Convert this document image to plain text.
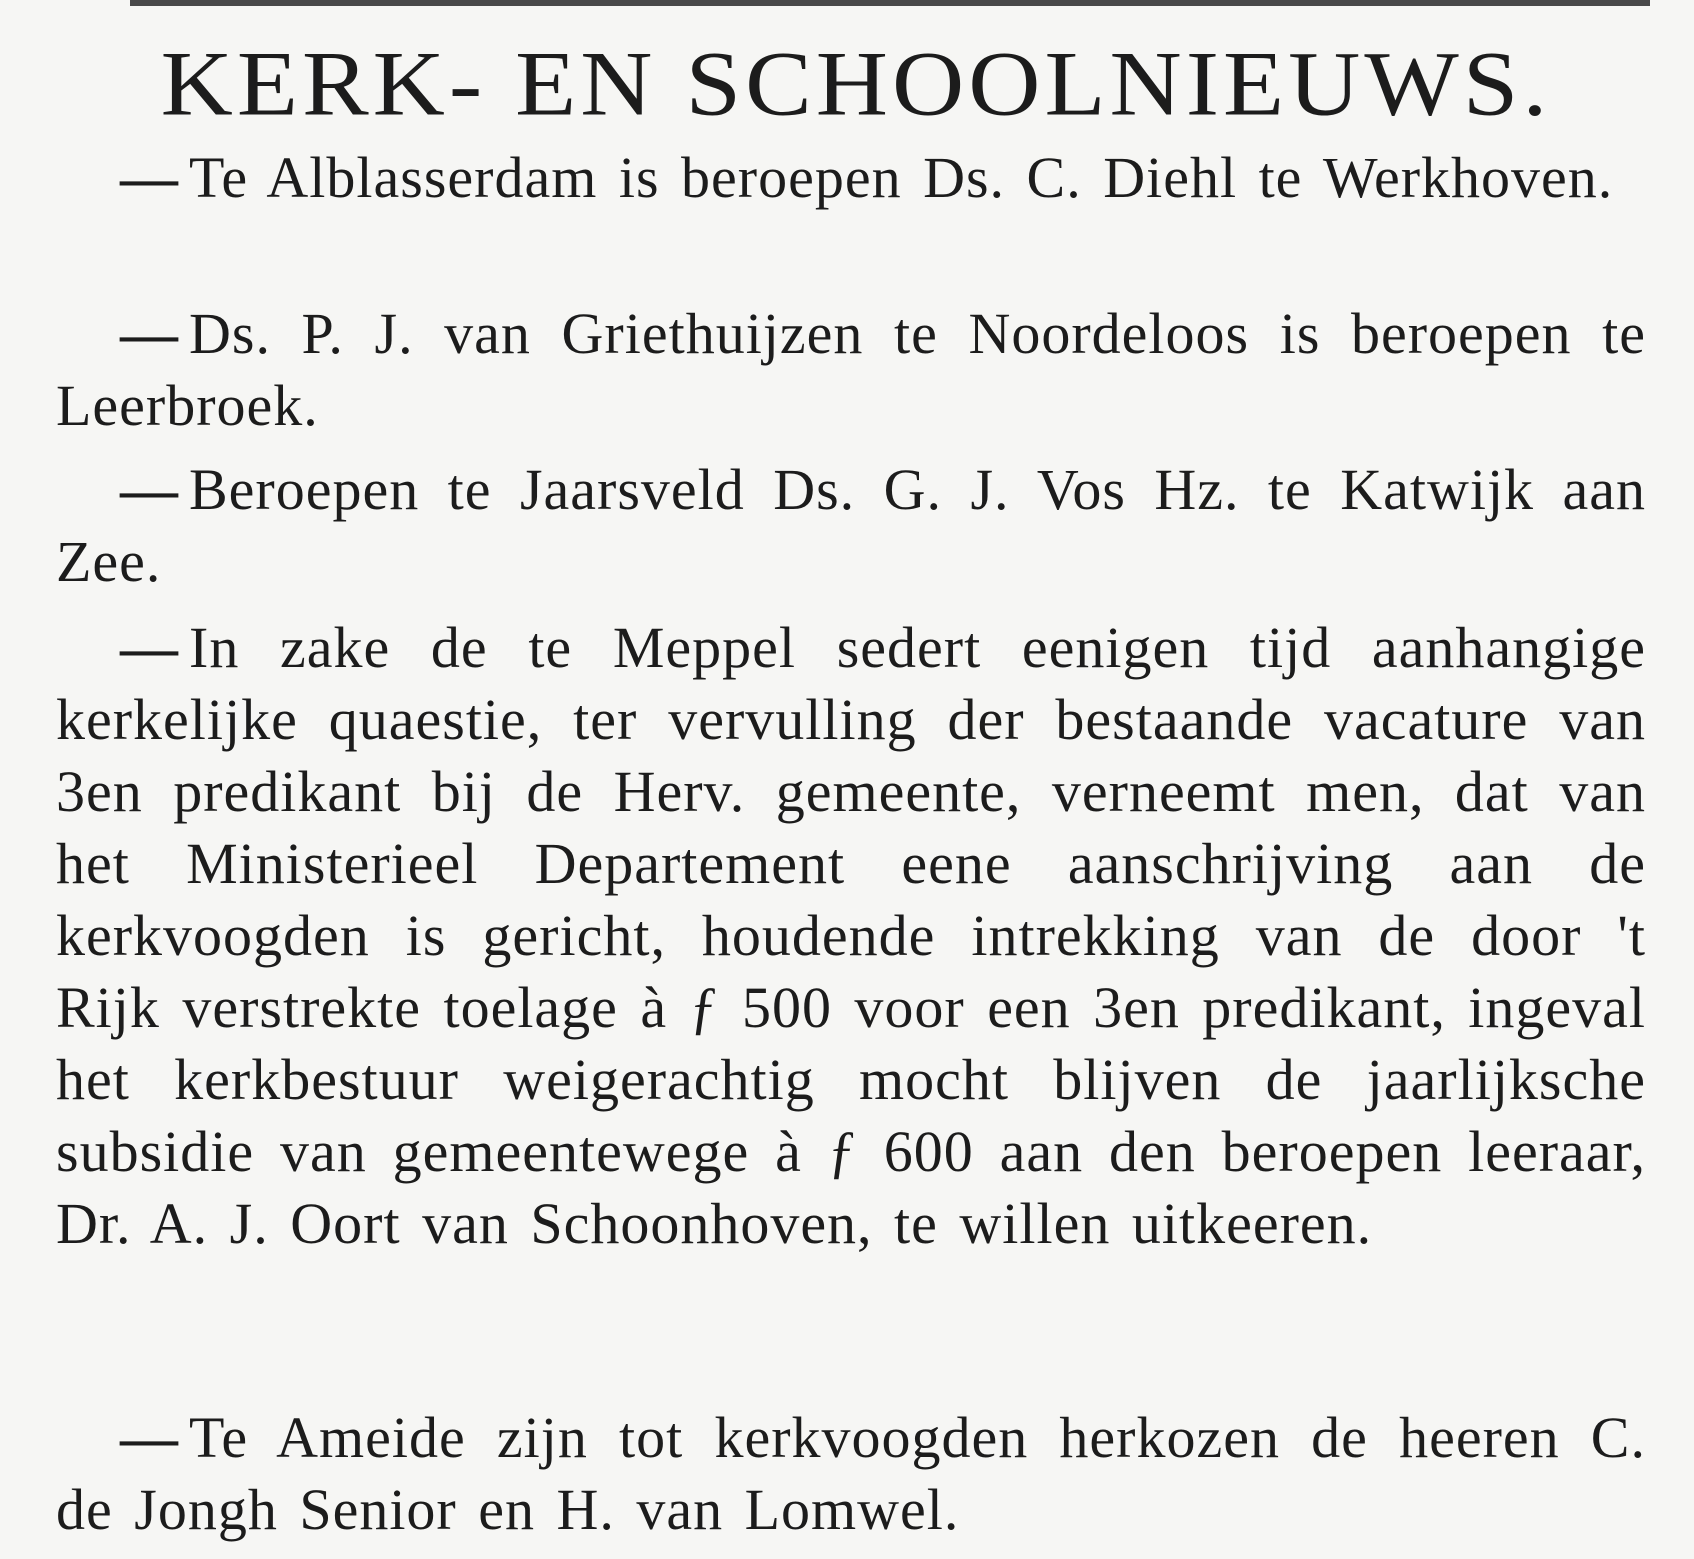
KERK- EN SCHOOLNIEUWS.

— Te Alblasserdam is beroepen Ds. C. Diehl te Werkhoven.

— Ds. P. J. van Griethuijzen te Noordeloos is beroepen te Leerbroek.

— Beroepen te Jaarsveld Ds. G. J. Vos Hz. te Katwijk aan Zee.

— In zake de te Meppel sedert eenigen tijd aanhangige kerkelijke quaestie, ter vervulling der bestaande vacature van 3en predikant bij de Herv. gemeente, verneemt men, dat van het Ministerieel Departement eene aanschrijving aan de kerkvoogden is gericht, houdende intrekking van de door 't Rijk verstrekte toelage à ƒ 500 voor een 3en predikant, ingeval het kerkbestuur weigerachtig mocht blijven de jaarlijksche subsidie van gemeentewege à ƒ 600 aan den beroepen leeraar, Dr. A. J. Oort van Schoonhoven, te willen uitkeeren.

— Te Ameide zijn tot kerkvoogden herkozen de heeren C. de Jongh Senior en H. van Lomwel.
